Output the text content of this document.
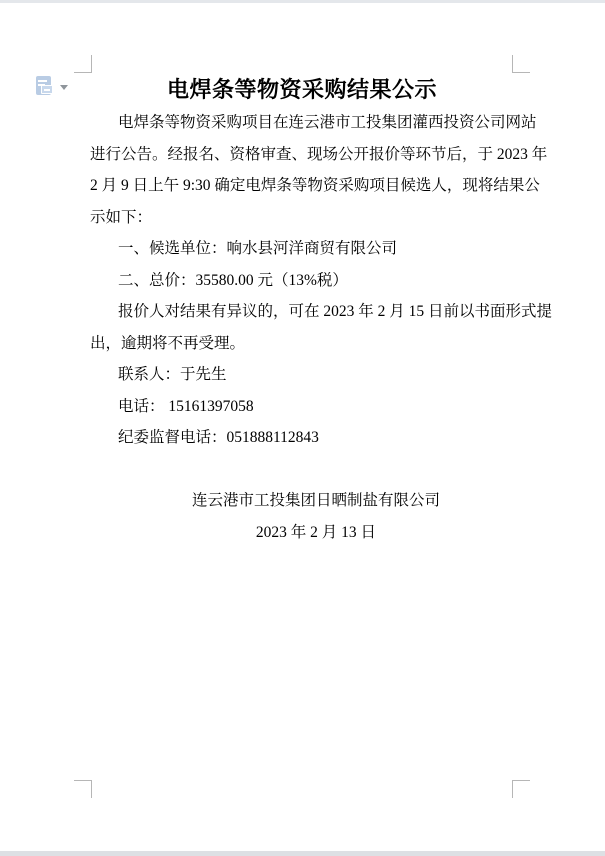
电焊条等物资采购结果公示
电焊条等物资采购项目在连云港市工投集团灌西投资公司网站
进行公告。经报名、资格审查、现场公开报价等环节后，于 2023 年
2 月 9 日上午 9:30 确定电焊条等物资采购项目候选人，现将结果公
示如下：
一、候选单位：响水县河洋商贸有限公司
二、总价：35580.00 元（13%税）
报价人对结果有异议的，可在 2023 年 2 月 15 日前以书面形式提
出，逾期将不再受理。
联系人：于先生
电话： 15161397058
纪委监督电话：051888112843
连云港市工投集团日晒制盐有限公司
2023 年 2 月 13 日
